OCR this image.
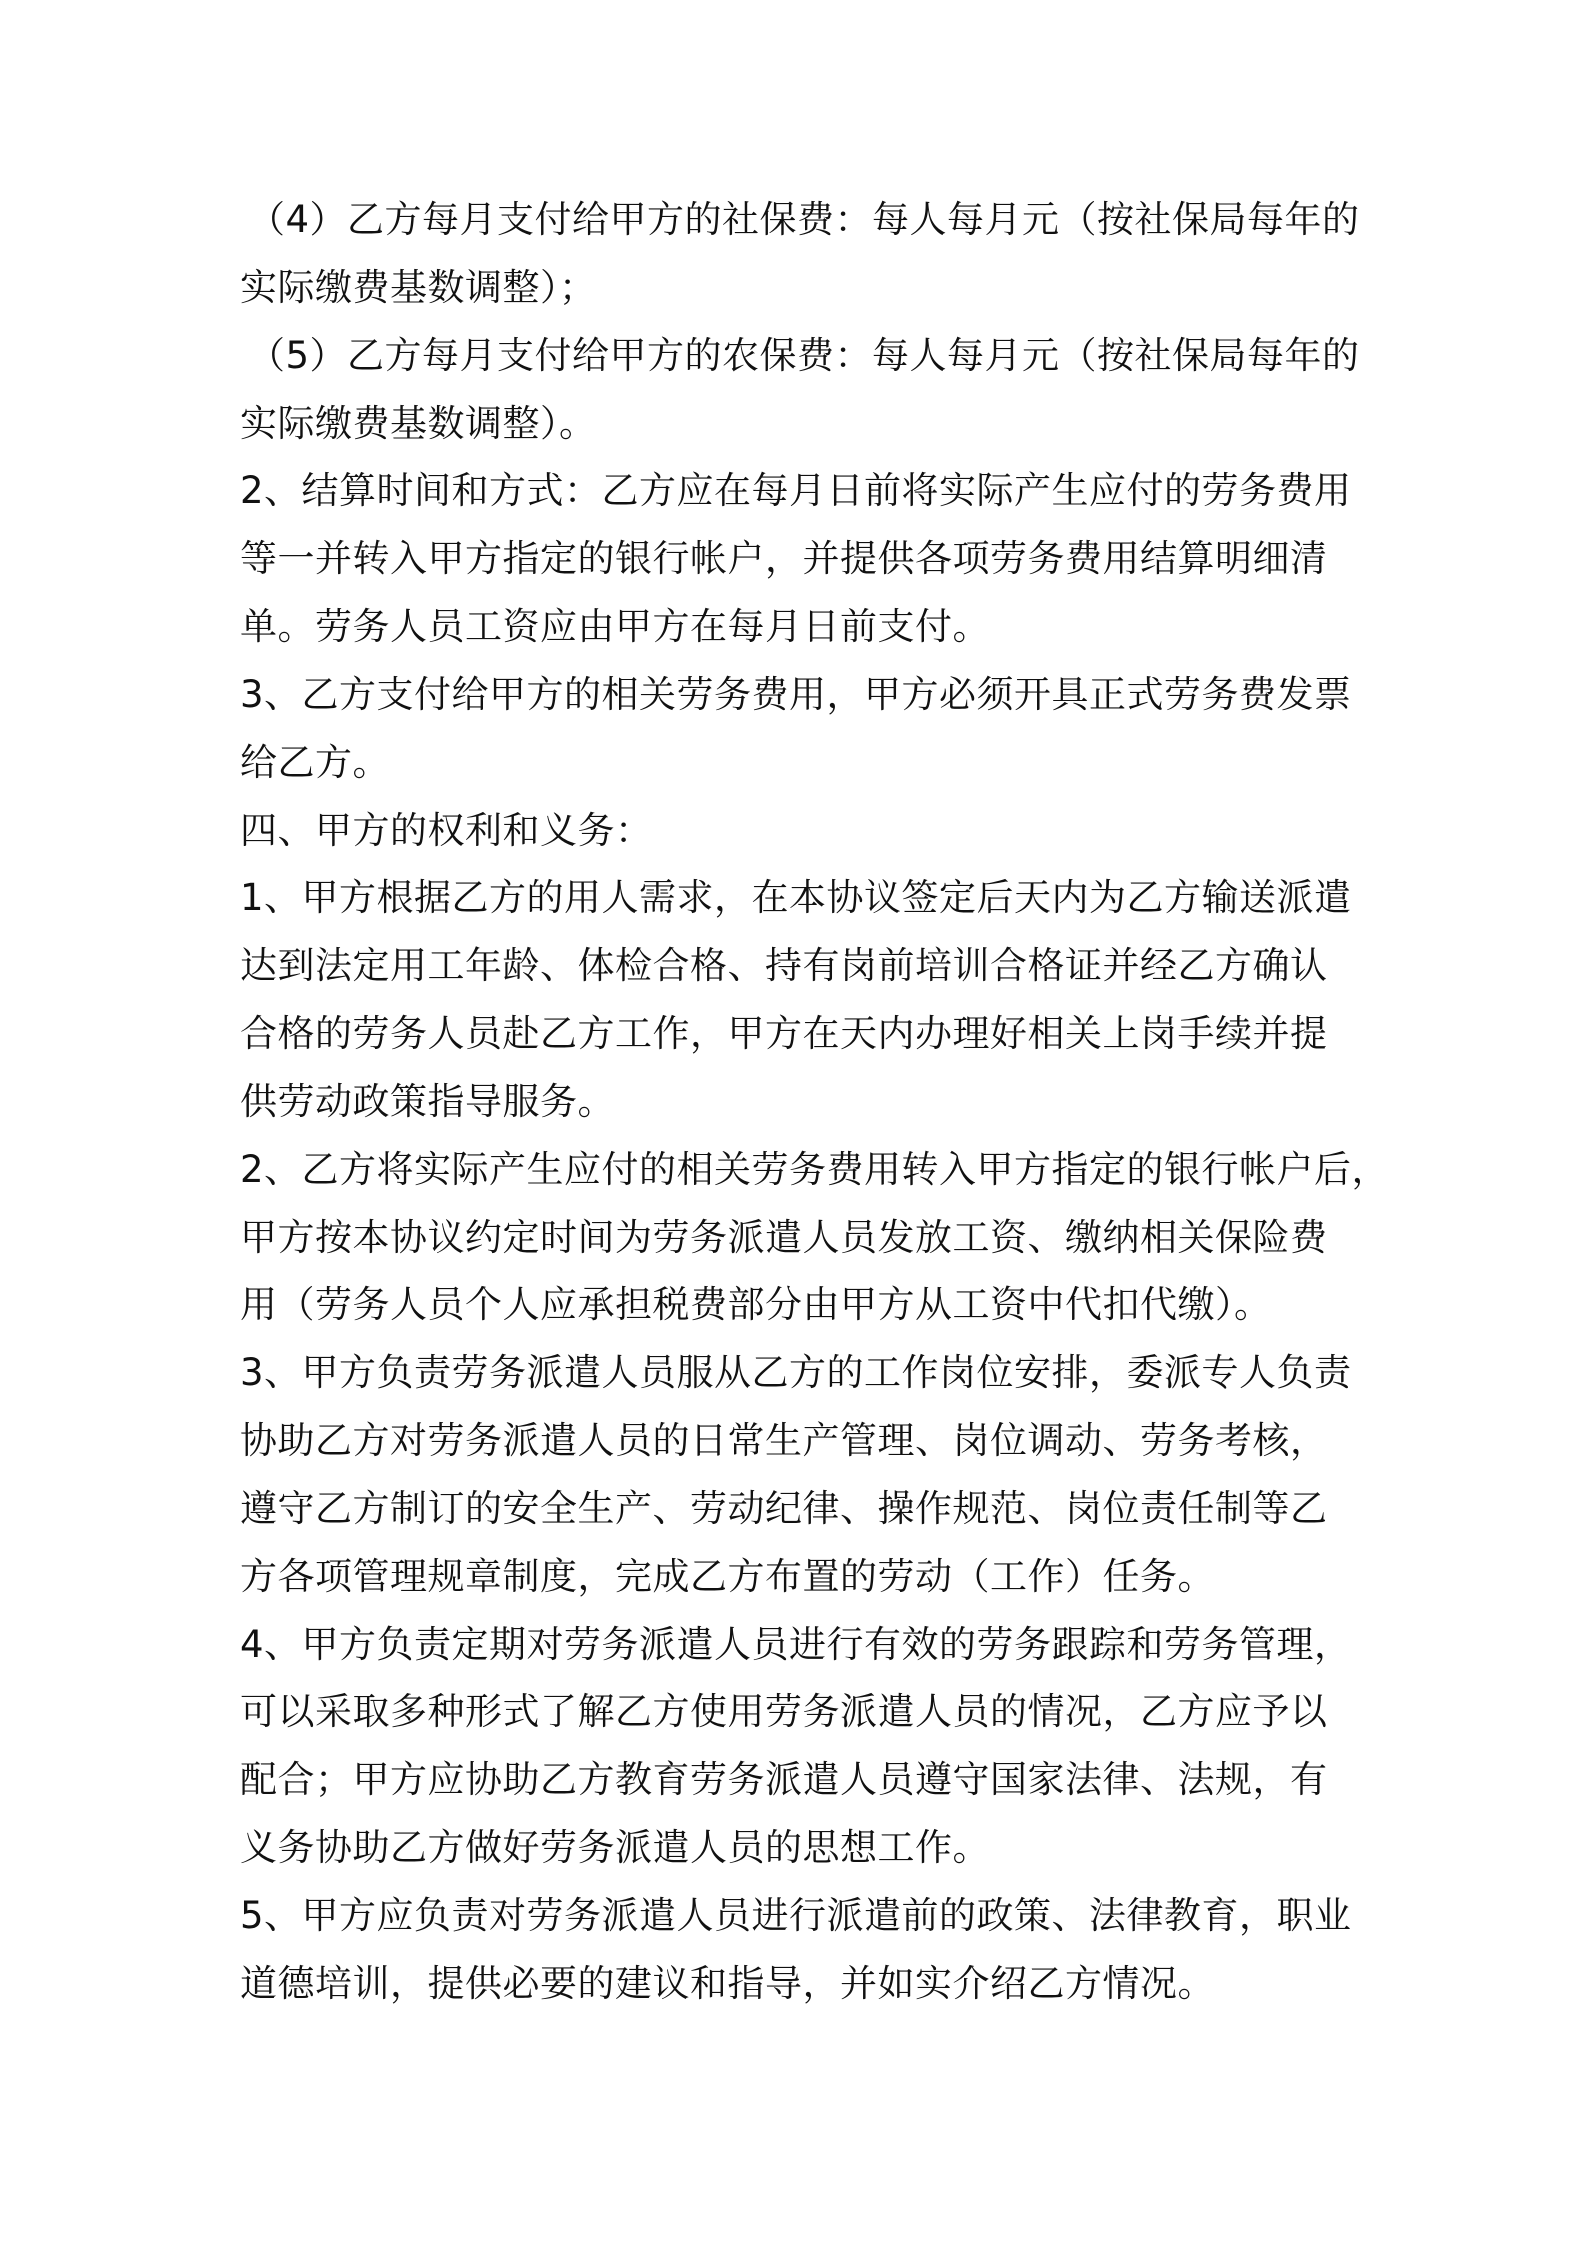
（4）乙方每月支付给甲方的社保费：每人每月元（按社保局每年的

实际缴费基数调整）；

（5）乙方每月支付给甲方的农保费：每人每月元（按社保局每年的

实际缴费基数调整）。

2、结算时间和方式：乙方应在每月日前将实际产生应付的劳务费用

等一并转入甲方指定的银行帐户，并提供各项劳务费用结算明细清

单。劳务人员工资应由甲方在每月日前支付。

3、乙方支付给甲方的相关劳务费用，甲方必须开具正式劳务费发票

给乙方。

四、甲方的权利和义务：

1、甲方根据乙方的用人需求，在本协议签定后天内为乙方输送派遣

达到法定用工年龄、体检合格、持有岗前培训合格证并经乙方确认

合格的劳务人员赴乙方工作，甲方在天内办理好相关上岗手续并提

供劳动政策指导服务。

2、乙方将实际产生应付的相关劳务费用转入甲方指定的银行帐户后，

甲方按本协议约定时间为劳务派遣人员发放工资、缴纳相关保险费

用（劳务人员个人应承担税费部分由甲方从工资中代扣代缴）。

3、甲方负责劳务派遣人员服从乙方的工作岗位安排，委派专人负责

协助乙方对劳务派遣人员的日常生产管理、岗位调动、劳务考核，

遵守乙方制订的安全生产、劳动纪律、操作规范、岗位责任制等乙

方各项管理规章制度，完成乙方布置的劳动（工作）任务。

4、甲方负责定期对劳务派遣人员进行有效的劳务跟踪和劳务管理，

可以采取多种形式了解乙方使用劳务派遣人员的情况，乙方应予以

配合；甲方应协助乙方教育劳务派遣人员遵守国家法律、法规，有

义务协助乙方做好劳务派遣人员的思想工作。

5、甲方应负责对劳务派遣人员进行派遣前的政策、法律教育，职业

道德培训，提供必要的建议和指导，并如实介绍乙方情况。
